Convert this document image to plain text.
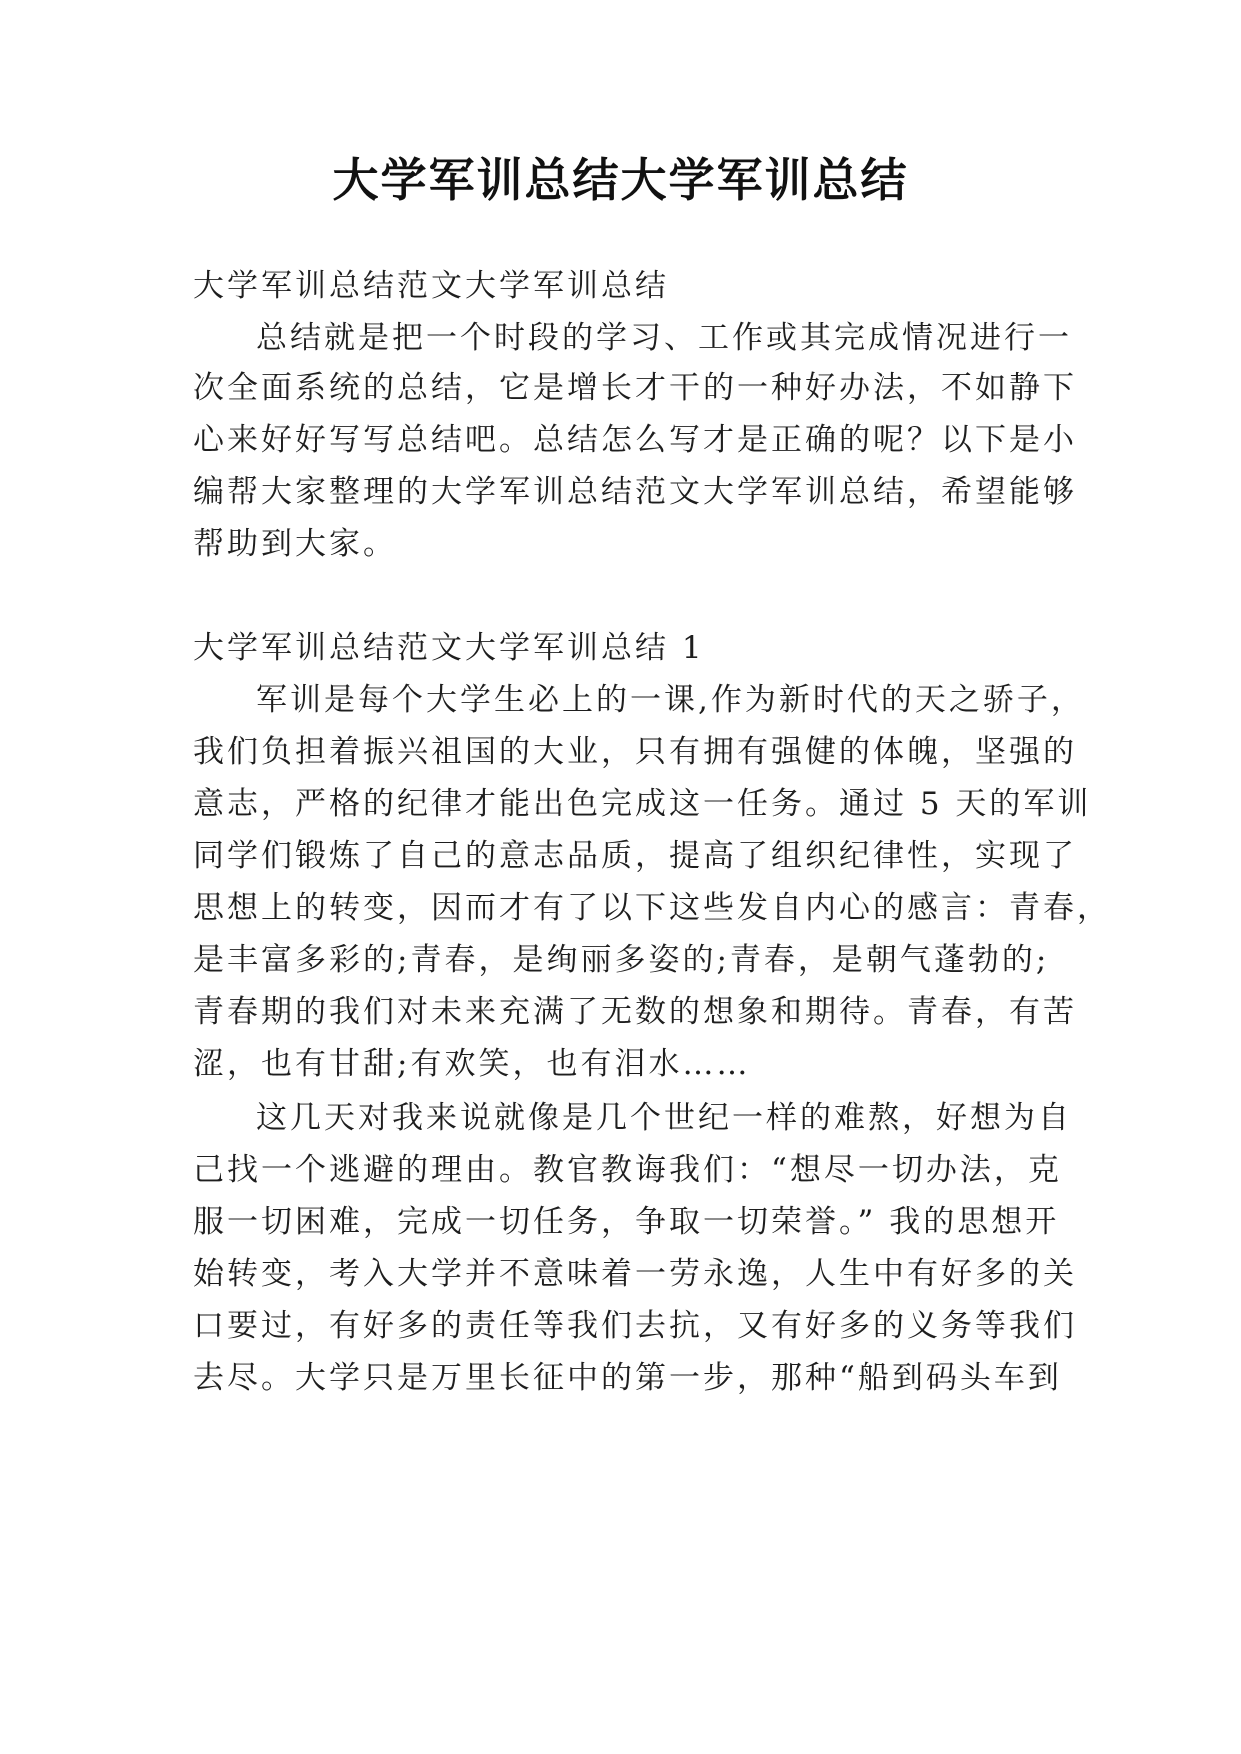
大学军训总结大学军训总结
大学军训总结范文大学军训总结
总结就是把一个时段的学习、工作或其完成情况进行一
次全面系统的总结，它是增长才干的一种好办法，不如静下
心来好好写写总结吧。总结怎么写才是正确的呢？以下是小
编帮大家整理的大学军训总结范文大学军训总结，希望能够
帮助到大家。
大学军训总结范文大学军训总结 1
军训是每个大学生必上的一课,作为新时代的天之骄子，
我们负担着振兴祖国的大业，只有拥有强健的体魄，坚强的
意志，严格的纪律才能出色完成这一任务。通过 5 天的军训
同学们锻炼了自己的意志品质，提高了组织纪律性，实现了
思想上的转变，因而才有了以下这些发自内心的感言：青春，
是丰富多彩的;青春，是绚丽多姿的;青春，是朝气蓬勃的;
青春期的我们对未来充满了无数的想象和期待。青春，有苦
涩，也有甘甜;有欢笑，也有泪水……
这几天对我来说就像是几个世纪一样的难熬，好想为自
己找一个逃避的理由。教官教诲我们：“想尽一切办法，克
服一切困难，完成一切任务，争取一切荣誉。” 我的思想开
始转变，考入大学并不意味着一劳永逸，人生中有好多的关
口要过，有好多的责任等我们去抗，又有好多的义务等我们
去尽。大学只是万里长征中的第一步，那种“船到码头车到
